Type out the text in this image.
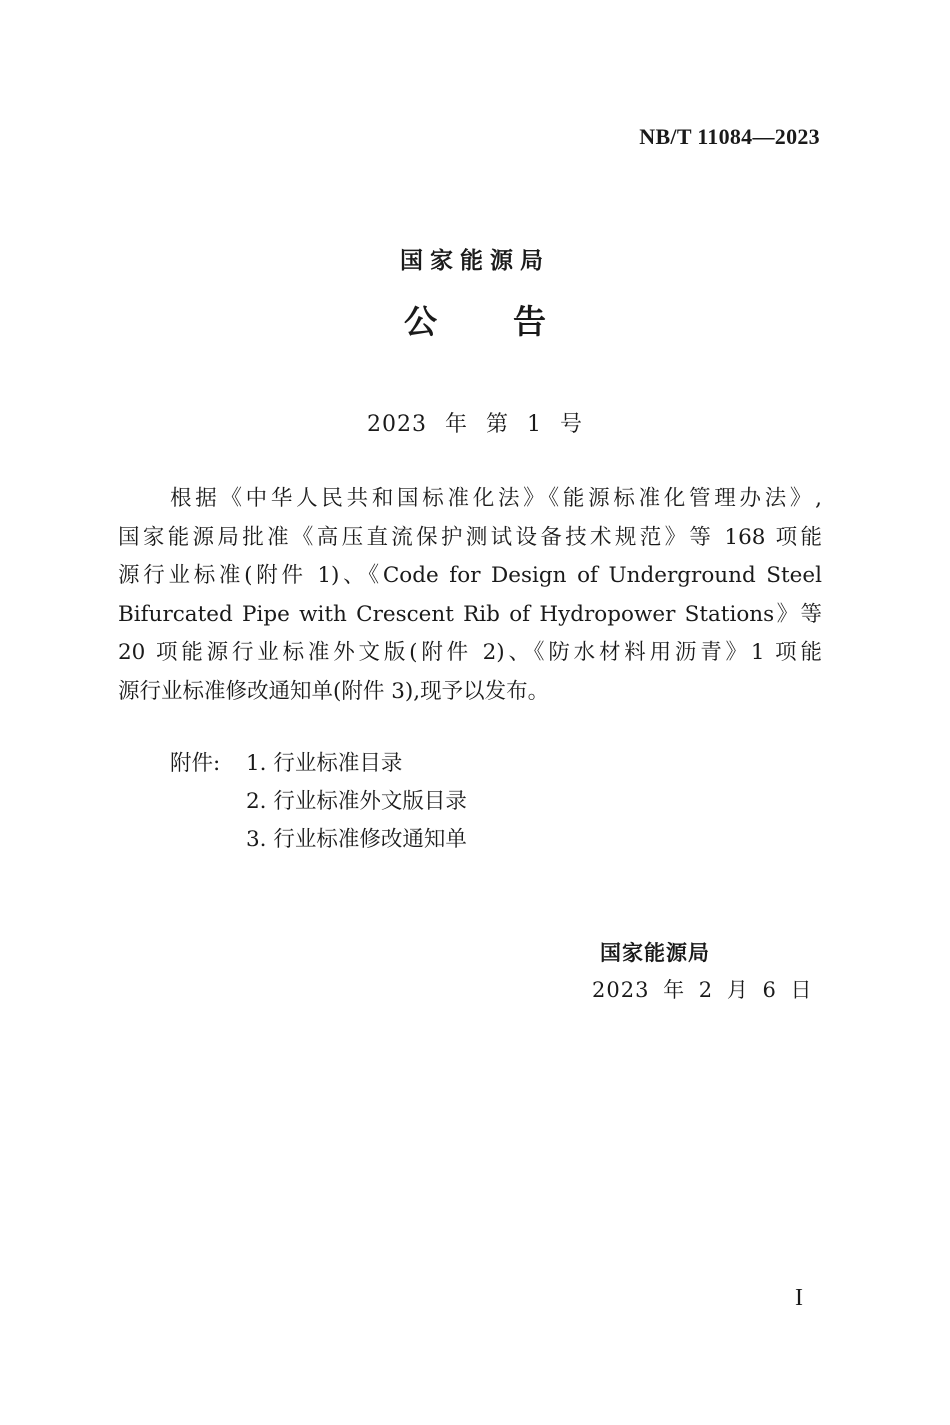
NB/T 11084—2023
国家能源局
公告
2023 年 第 1 号
根据《中华人民共和国标准化法》《能源标准化管理办法》,
国家能源局批准《高压直流保护测试设备技术规范》等 168 项能
源行业标准(附件 1)、《Code for Design of Underground Steel
Bifurcated Pipe with Crescent Rib of Hydropower Stations》等
20 项能源行业标准外文版(附件 2)、《防水材料用沥青》1 项能
源行业标准修改通知单(附件 3),现予以发布。
附件: 1. 行业标准目录
2. 行业标准外文版目录
3. 行业标准修改通知单
国家能源局
2023 年 2 月 6 日
I
